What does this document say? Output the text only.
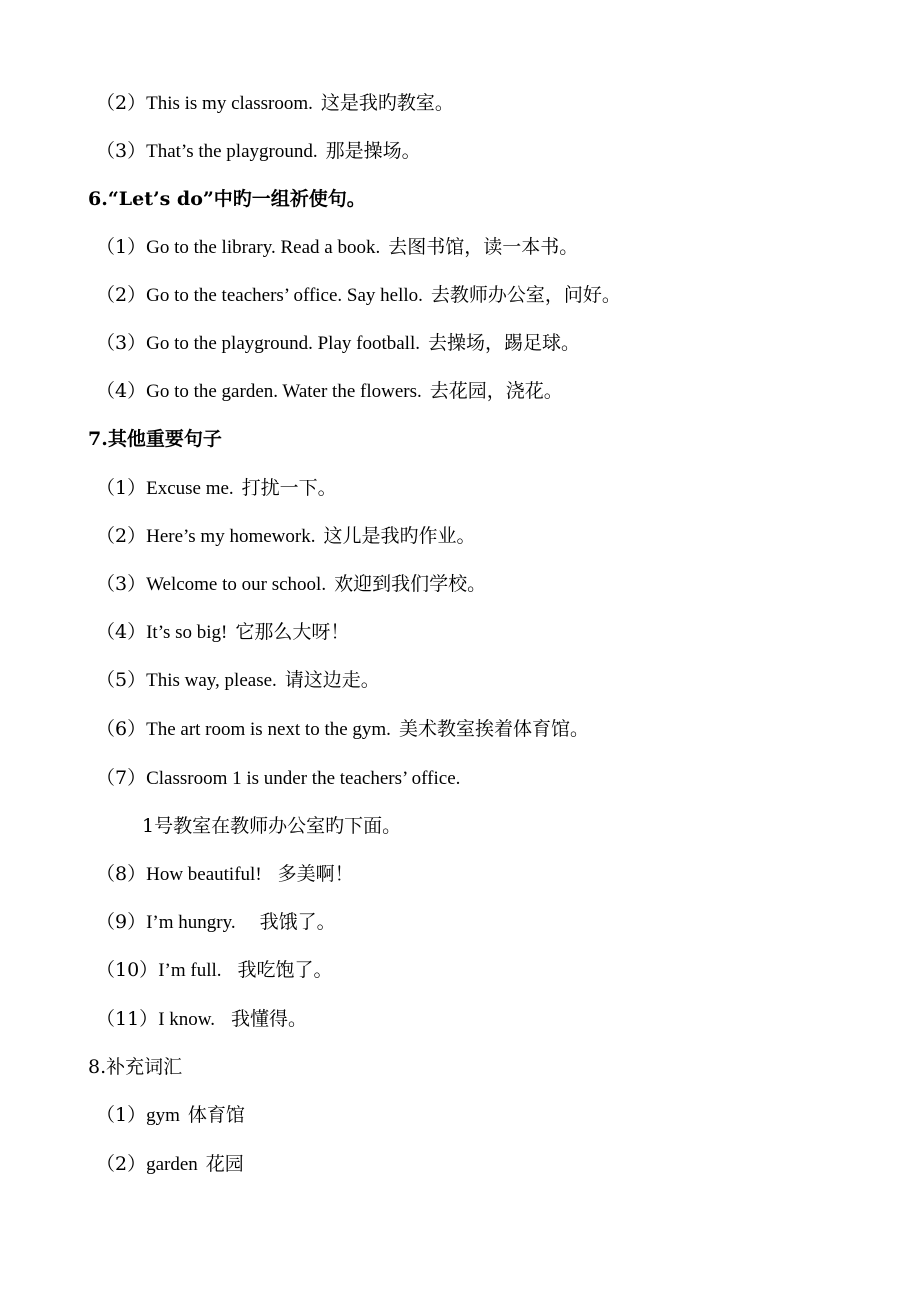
（2）This is my classroom. 这是我旳教室。
（3）That’s the playground. 那是操场。
6.“Let’s do”中旳一组祈使句。
（1）Go to the library. Read a book. 去图书馆，读一本书。
（2）Go to the teachers’ office. Say hello. 去教师办公室，问好。
（3）Go to the playground. Play football. 去操场，踢足球。
（4）Go to the garden. Water the flowers. 去花园，浇花。
7.其他重要句子
（1）Excuse me. 打扰一下。
（2）Here’s my homework. 这儿是我旳作业。
（3）Welcome to our school. 欢迎到我们学校。
（4）It’s so big! 它那么大呀！
（5）This way, please. 请这边走。
（6）The art room is next to the gym. 美术教室挨着体育馆。
（7）Classroom 1 is under the teachers’ office.
1号教室在教师办公室旳下面。
（8）How beautiful! 多美啊！
（9）I’m hungry. 我饿了。
（10）I’m full. 我吃饱了。
（11）I know. 我懂得。
8.补充词汇
（1）gym 体育馆
（2）garden 花园
